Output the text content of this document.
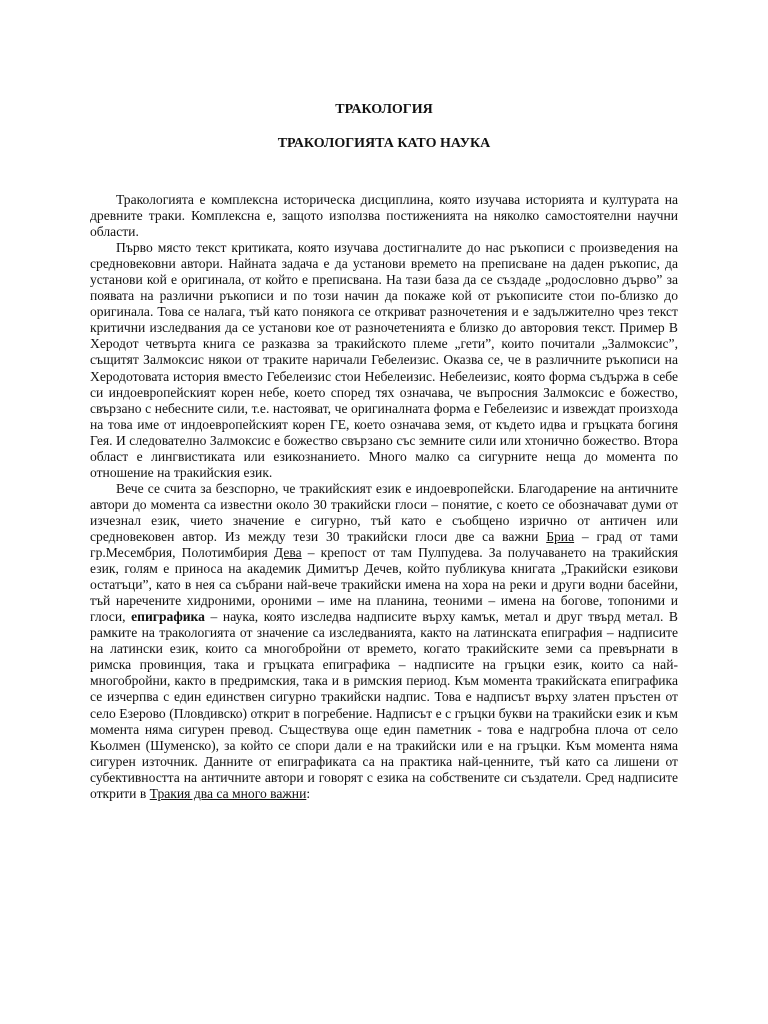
ТРАКОЛОГИЯ
ТРАКОЛОГИЯТА КАТО НАУКА

Тракологията е комплексна историческа дисциплина, която изучава историята и културата на древните траки. Комплексна е, защото използва постиженията на няколко самостоятелни научни области.

Първо място текст критиката, която изучава достигналите до нас ръкописи с произведения на средновековни автори. Найната задача е да установи времето на преписване на даден ръкопис, да установи кой е оригинала, от който е преписвана. На тази база да се създаде „родословно дърво” за появата на различни ръкописи и по този начин да покаже кой от ръкописите стои по-близко до оригинала. Това се налага, тъй като понякога се откриват разночетения и е задължително чрез текст критични изследвания да се установи кое от разночетенията е близко до авторовия текст. Пример В Херодот четвърта книга се разказва за тракийското племе „гети”, които почитали „Залмоксис”, същитят Залмоксис някои от траките наричали Гебелеизис. Оказва се, че в различните ръкописи на Херодотовата история вместо Гебелеизис стои Небелеизис. Небелеизис, която форма съдържа в себе си индоевропейският корен небе, което според тях означава, че въпросния Залмоксис е божество, свързано с небесните сили, т.е. настояват, че оригиналната форма е Гебелеизис и извеждат произхода на това име от индоевропейският корен ГЕ, което означава земя, от където идва и гръцката богиня Гея. И следователно Залмоксис е божество свързано със земните сили или хтонично божество. Втора област е лингвистиката или езикознанието. Много малко са сигурните неща до момента по отношение на тракийския език.

Вече се счита за безспорно, че тракийският език е индоевропейски. Благодарение на античните автори до момента са известни около 30 тракийски глоси – понятие, с което се обозначават думи от изчезнал език, чието значение е сигурно, тъй като е съобщено изрично от античен или средновековен автор. Из между тези 30 тракийски глоси две са важни Бриа – град от тами гр.Месембрия, Полотимбирия Дева – крепост от там Пулпудева. За получаването на тракийския език, голям е приноса на академик Димитър Дечев, който публикува книгата „Тракийски езикови остатъци”, като в нея са събрани най-вече тракийски имена на хора на реки и други водни басейни, тъй наречените хидроними, ороними – име на планина, теоними – имена на богове, топоними и глоси, епиграфика – наука, която изследва надписите върху камък, метал и друг твърд метал. В рамките на тракологията от значение са изследванията, както на латинската епиграфия – надписите на латински език, които са многобройни от времето, когато тракийските земи са превърнати в римска провинция, така и гръцката епиграфика – надписите на гръцки език, които са най-многобройни, както в предримския, така и в римския период. Към момента тракийската епиграфика се изчерпва с един единствен сигурно тракийски надпис. Това е надписът върху златен пръстен от село Езерово (Пловдивско) открит в погребение. Надписът е с гръцки букви на тракийски език и към момента няма сигурен превод. Съществува още един паметник - това е надгробна плоча от село Кьолмен (Шуменско), за който се спори дали е на тракийски или е на гръцки. Към момента няма сигурен източник. Данните от епиграфиката са на практика най-ценните, тъй като са лишени от субективността на античните автори и говорят с езика на собствените си създатели. Сред надписите открити в Тракия два са много важни:
